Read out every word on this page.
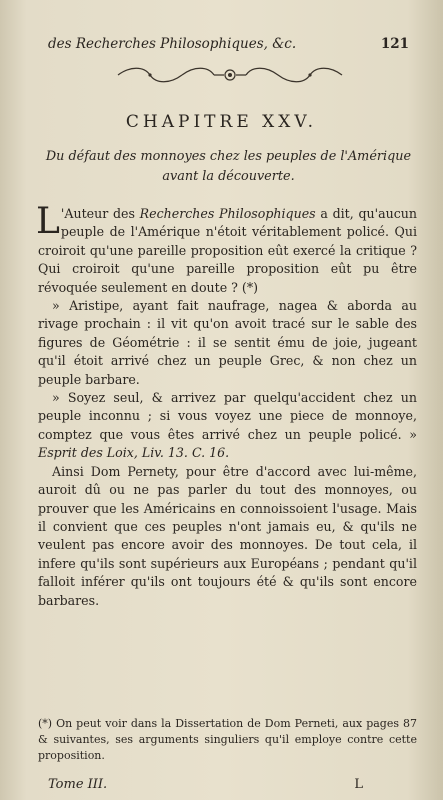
des Recherches Philosophiques, &c.	121
CHAPITRE XXV.
Du défaut des monnoyes chez les peuples de l'Amérique avant la découverte.

L 'Auteur des Recherches Philosophiques a dit, qu'aucun peuple de l'Amérique n'étoit véritablement policé. Qui croiroit qu'une pareille proposition eût exercé la critique ? Qui croiroit qu'une pareille proposition eût pu être révoquée seulement en doute ? (*)

» Aristipe, ayant fait naufrage, nagea & aborda au rivage prochain : il vit qu'on avoit tracé sur le sable des figures de Géométrie : il se sentit ému de joie, jugeant qu'il étoit arrivé chez un peuple Grec, & non chez un peuple barbare.

» Soyez seul, & arrivez par quelqu'accident chez un peuple inconnu ; si vous voyez une piece de monnoye, comptez que vous êtes arrivé chez un peuple policé. » Esprit des Loix, Liv. 13. C. 16.

Ainsi Dom Pernety, pour être d'accord avec lui-même, auroit dû ou ne pas parler du tout des monnoyes, ou prouver que les Américains en connoissoient l'usage. Mais il convient que ces peuples n'ont jamais eu, & qu'ils ne veulent pas encore avoir des monnoyes. De tout cela, il infere qu'ils sont supérieurs aux Européans ; pendant qu'il falloit inférer qu'ils ont toujours été & qu'ils sont encore barbares.

(*) On peut voir dans la Dissertation de Dom Perneti, aux pages 87 & suivantes, ses arguments singuliers qu'il employe contre cette proposition.
Tome III.	L
